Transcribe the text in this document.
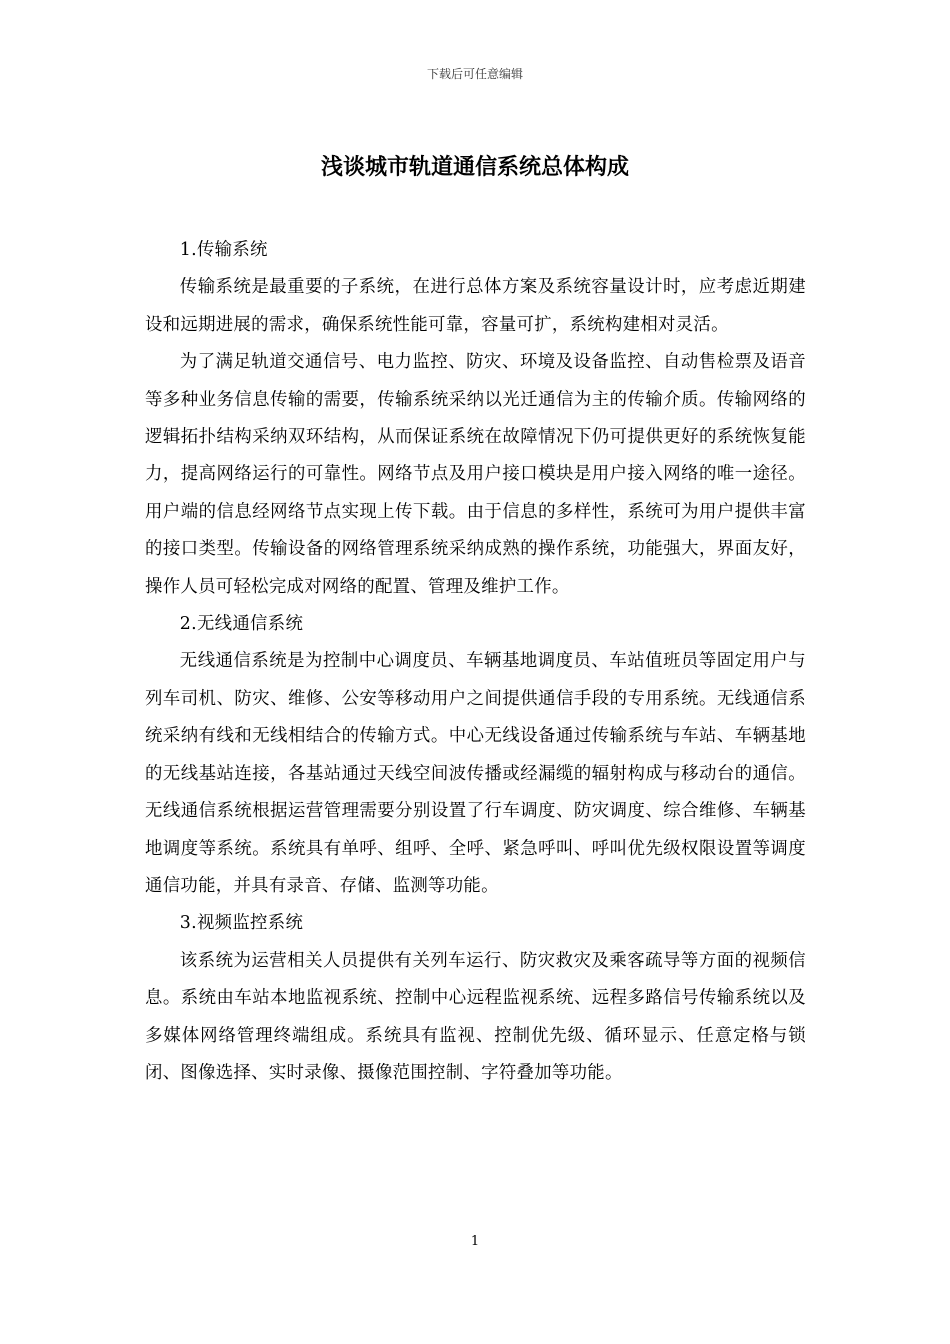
下载后可任意编辑
浅谈城市轨道通信系统总体构成

1.传输系统

传输系统是最重要的子系统，在进行总体方案及系统容量设计时，应考虑近期建设和远期进展的需求，确保系统性能可靠，容量可扩，系统构建相对灵活。

为了满足轨道交通信号、电力监控、防灾、环境及设备监控、自动售检票及语音等多种业务信息传输的需要，传输系统采纳以光迁通信为主的传输介质。传输网络的逻辑拓扑结构采纳双环结构，从而保证系统在故障情况下仍可提供更好的系统恢复能力，提高网络运行的可靠性。网络节点及用户接口模块是用户接入网络的唯一途径。用户端的信息经网络节点实现上传下载。由于信息的多样性，系统可为用户提供丰富的接口类型。传输设备的网络管理系统采纳成熟的操作系统，功能强大，界面友好，操作人员可轻松完成对网络的配置、管理及维护工作。

2.无线通信系统

无线通信系统是为控制中心调度员、车辆基地调度员、车站值班员等固定用户与列车司机、防灾、维修、公安等移动用户之间提供通信手段的专用系统。无线通信系统采纳有线和无线相结合的传输方式。中心无线设备通过传输系统与车站、车辆基地的无线基站连接，各基站通过天线空间波传播或经漏缆的辐射构成与移动台的通信。无线通信系统根据运营管理需要分别设置了行车调度、防灾调度、综合维修、车辆基地调度等系统。系统具有单呼、组呼、全呼、紧急呼叫、呼叫优先级权限设置等调度通信功能，并具有录音、存储、监测等功能。

3.视频监控系统

该系统为运营相关人员提供有关列车运行、防灾救灾及乘客疏导等方面的视频信息。系统由车站本地监视系统、控制中心远程监视系统、远程多路信号传输系统以及多媒体网络管理终端组成。系统具有监视、控制优先级、循环显示、任意定格与锁闭、图像选择、实时录像、摄像范围控制、字符叠加等功能。

1
